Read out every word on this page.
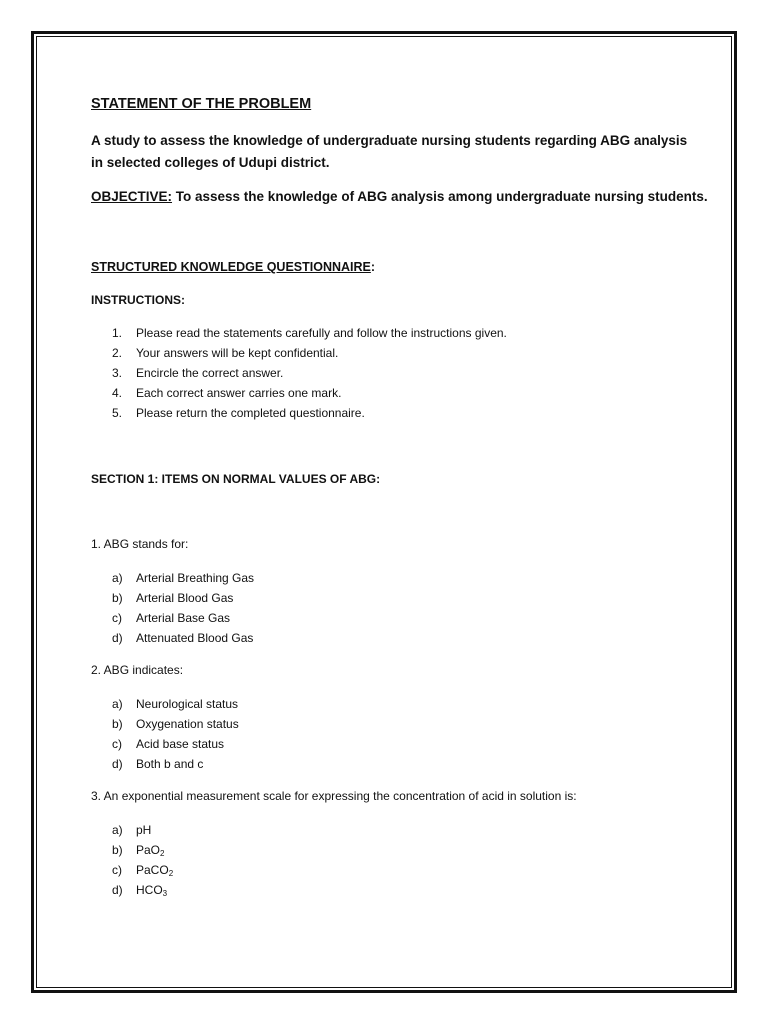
STATEMENT OF THE PROBLEM
A study to assess the knowledge of undergraduate nursing students regarding ABG analysis in selected colleges of Udupi district.
OBJECTIVE: To assess the knowledge of ABG analysis among undergraduate nursing students.
STRUCTURED KNOWLEDGE QUESTIONNAIRE:
INSTRUCTIONS:
1.	Please read the statements carefully and follow the instructions given.
2.	Your answers will be kept confidential.
3.	Encircle the correct answer.
4.	Each correct answer carries one mark.
5.	Please return the completed questionnaire.
SECTION 1: ITEMS ON NORMAL VALUES OF ABG:
1. ABG stands for:
a) Arterial Breathing Gas
b) Arterial Blood Gas
c) Arterial Base Gas
d) Attenuated Blood Gas
2. ABG indicates:
a) Neurological status
b) Oxygenation status
c) Acid base status
d) Both b and c
3. An exponential measurement scale for expressing the concentration of acid in solution is:
a) pH
b) PaO$_2$
c) PaCO$_2$
d) $HCO_3$
